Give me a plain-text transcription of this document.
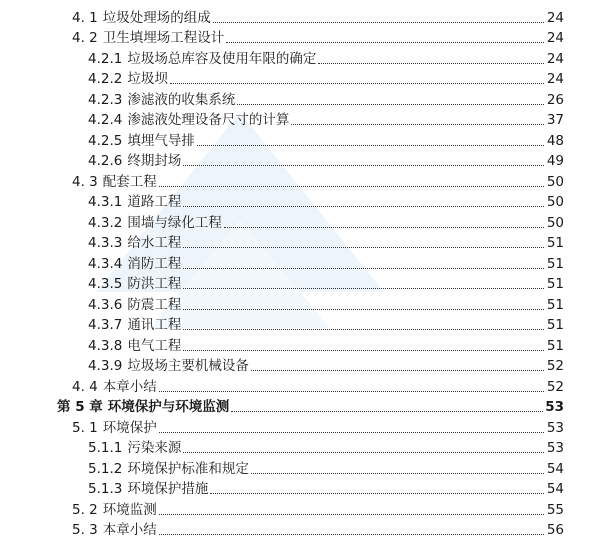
4. 1 垃圾处理场的组成	24
4. 2 卫生填埋场工程设计	24
4.2.1 垃圾场总库容及使用年限的确定	24
4.2.2 垃圾坝	24
4.2.3 渗滤液的收集系统	26
4.2.4 渗滤液处理设备尺寸的计算	37
4.2.5 填埋气导排	48
4.2.6 终期封场	49
4. 3 配套工程	50
4.3.1 道路工程	50
4.3.2 围墙与绿化工程	50
4.3.3 给水工程	51
4.3.4 消防工程	51
4.3.5 防洪工程	51
4.3.6 防震工程	51
4.3.7 通讯工程	51
4.3.8 电气工程	51
4.3.9 垃圾场主要机械设备	52
4. 4 本章小结	52
第 5 章 环境保护与环境监测	53
5. 1 环境保护	53
5.1.1 污染来源	53
5.1.2 环境保护标准和规定	54
5.1.3 环境保护措施	54
5. 2 环境监测	55
5. 3 本章小结	56
